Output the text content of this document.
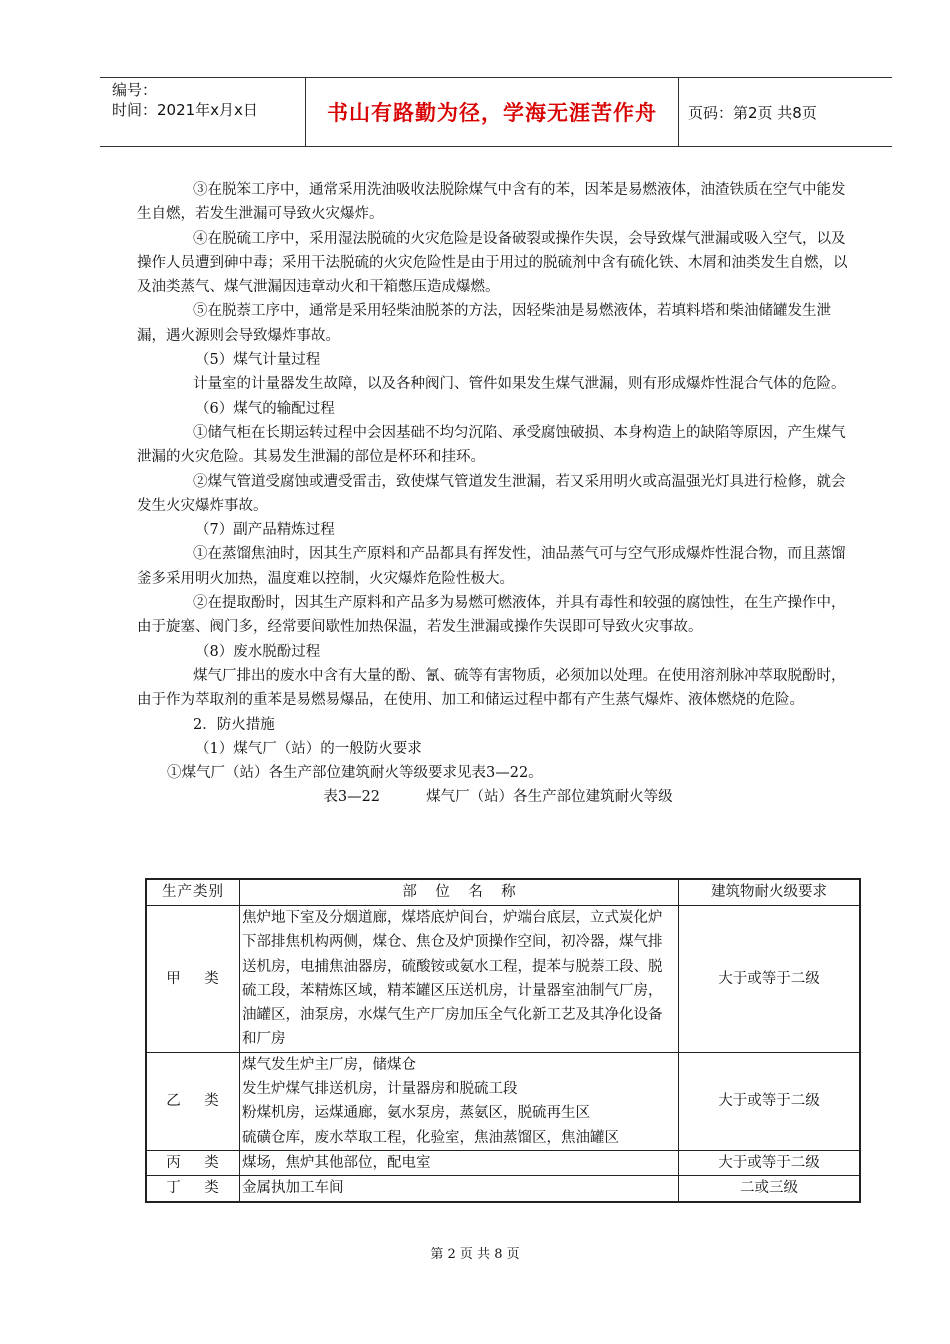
编号：
时间：2021年x月x日	书山有路勤为径，学海无涯苦作舟	页码：第2页 共8页

③在脱笨工序中，通常采用洗油吸收法脱除煤气中含有的苯，因苯是易燃液体，油渣铁质在空气中能发生自燃，若发生泄漏可导致火灾爆炸。

④在脱硫工序中，采用湿法脱硫的火灾危险是设备破裂或操作失误，会导致煤气泄漏或吸入空气，以及操作人员遭到砷中毒；采用干法脱硫的火灾危险性是由于用过的脱硫剂中含有硫化铁、木屑和油类发生自燃，以及油类蒸气、煤气泄漏因违章动火和干箱憋压造成爆燃。

⑤在脱萘工序中，通常是采用轻柴油脱茶的方法，因轻柴油是易燃液体，若填料塔和柴油储罐发生泄漏，遇火源则会导致爆炸事故。

（5）煤气计量过程

计量室的计量器发生故障，以及各种阀门、管件如果发生煤气泄漏，则有形成爆炸性混合气体的危险。

（6）煤气的输配过程

①储气柜在长期运转过程中会因基础不均匀沉陷、承受腐蚀破损、本身构造上的缺陷等原因，产生煤气泄漏的火灾危险。其易发生泄漏的部位是杯环和挂环。

②煤气管道受腐蚀或遭受雷击，致使煤气管道发生泄漏，若又采用明火或高温强光灯具进行检修，就会发生火灾爆炸事故。

（7）副产品精炼过程

①在蒸馏焦油时，因其生产原料和产品都具有挥发性，油品蒸气可与空气形成爆炸性混合物，而且蒸馏釜多采用明火加热，温度难以控制，火灾爆炸危险性极大。

②在提取酚时，因其生产原料和产品多为易燃可燃液体，并具有毒性和较强的腐蚀性，在生产操作中，由于旋塞、阀门多，经常要间歇性加热保温，若发生泄漏或操作失误即可导致火灾事故。

（8）废水脱酚过程

煤气厂排出的废水中含有大量的酚、氰、硫等有害物质，必须加以处理。在使用溶剂脉冲萃取脱酚时，由于作为萃取剂的重苯是易燃易爆品，在使用、加工和储运过程中都有产生蒸气爆炸、液体燃烧的危险。

2．防火措施

（1）煤气厂（站）的一般防火要求

①煤气厂（站）各生产部位建筑耐火等级要求见表3—22。

表3—22          煤气厂（站）各生产部位建筑耐火等级

生产类别	部    位    名    称	建筑物耐火级要求
甲    类	焦炉地下室及分烟道廊，煤塔底炉间台，炉端台底层，立式炭化炉下部排焦机构两侧，煤仓、焦仓及炉顶操作空间，初冷器，煤气排送机房，电捕焦油器房，硫酸铵或氨水工程，提苯与脱萘工段、脱硫工段，苯精炼区域，精苯罐区压送机房，计量器室油制气厂房，油罐区，油泵房，水煤气生产厂房加压全气化新工艺及其净化设备和厂房	大于或等于二级
乙    类	煤气发生炉主厂房，储煤仓
发生炉煤气排送机房，计量器房和脱硫工段
粉煤机房，运煤通廊，氨水泵房，蒸氨区，脱硫再生区
硫磺仓库，废水萃取工程，化验室，焦油蒸馏区，焦油罐区	大于或等于二级
丙    类	煤场，焦炉其他部位，配电室	大于或等于二级
丁    类	金属执加工车间	二或三级
第 2 页 共 8 页
